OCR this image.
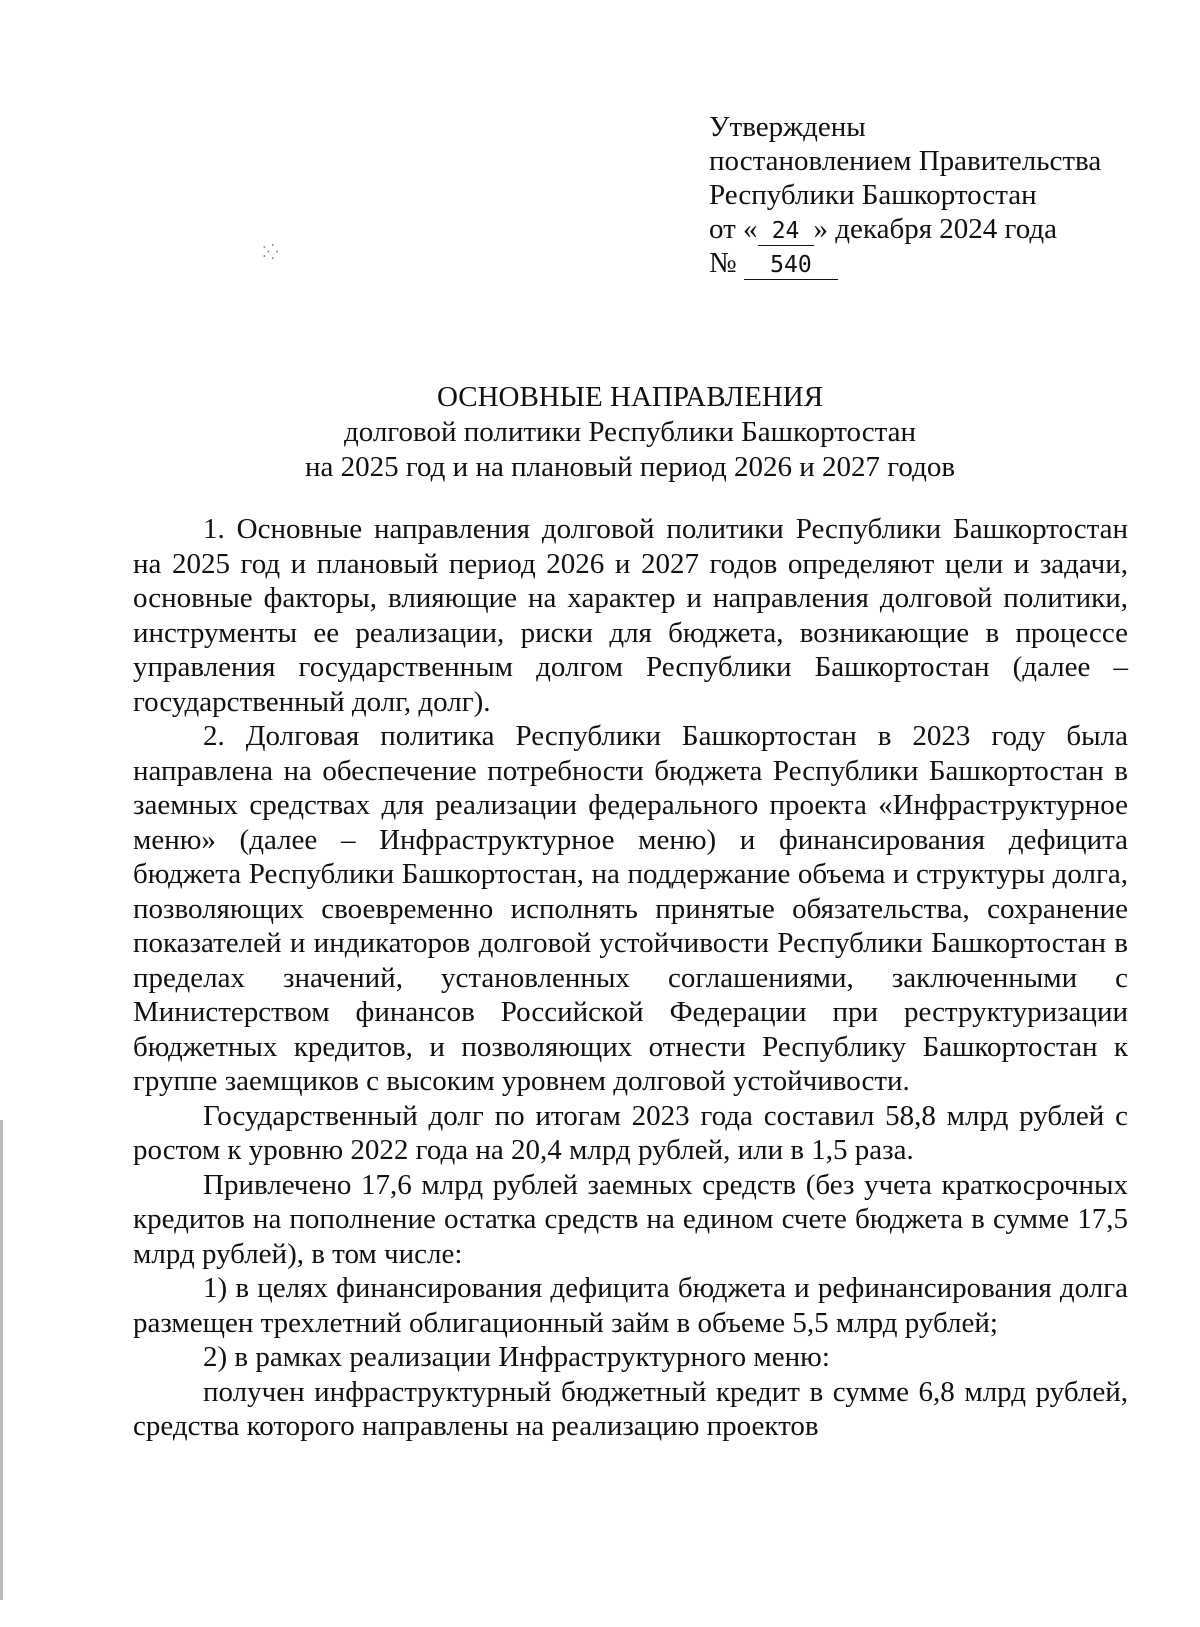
Утверждены
постановлением Правительства
Республики Башкортостан
от « 24 » декабря 2024 года
№ 540
⁚⁛
ОСНОВНЫЕ НАПРАВЛЕНИЯ
долговой политики Республики Башкортостан
на 2025 год и на плановый период 2026 и 2027 годов

1. Основные направления долговой политики Республики Башкортостан на 2025 год и плановый период 2026 и 2027 годов определяют цели и задачи, основные факторы, влияющие на характер и направления долговой политики, инструменты ее реализации, риски для бюджета, возникающие в процессе управления государственным долгом Республики Башкортостан (далее – государственный долг, долг).

2. Долговая политика Республики Башкортостан в 2023 году была направлена на обеспечение потребности бюджета Республики Башкортостан в заемных средствах для реализации федерального проекта «Инфраструктурное меню» (далее – Инфраструктурное меню) и финансирования дефицита бюджета Республики Башкортостан, на поддержание объема и структуры долга, позволяющих своевременно исполнять принятые обязательства, сохранение показателей и индикаторов долговой устойчивости Республики Башкортостан в пределах значений, установленных соглашениями, заключенными с Министерством финансов Российской Федерации при реструктуризации бюджетных кредитов, и позволяющих отнести Республику Башкортостан к группе заемщиков с высоким уровнем долговой устойчивости.

Государственный долг по итогам 2023 года составил 58,8 млрд рублей с ростом к уровню 2022 года на 20,4 млрд рублей, или в 1,5 раза.

Привлечено 17,6 млрд рублей заемных средств (без учета краткосрочных кредитов на пополнение остатка средств на едином счете бюджета в сумме 17,5 млрд рублей), в том числе:

1) в целях финансирования дефицита бюджета и рефинансирования долга размещен трехлетний облигационный займ в объеме 5,5 млрд рублей;

2) в рамках реализации Инфраструктурного меню:

получен инфраструктурный бюджетный кредит в сумме 6,8 млрд рублей, средства которого направлены на реализацию проектов
